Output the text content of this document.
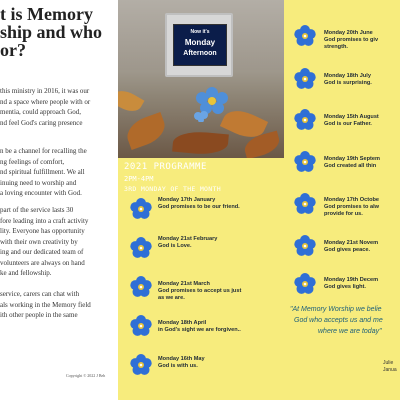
t is Memory
ship and who
or?

this ministry in 2016, it was our
nd a space where people with or
mentia, could approach God,
nd feel God's caring presence

n be a channel for recalling the
ng feelings of comfort,
nd spiritual fulfillment. We all
inuing need to worship and
a loving encounter with God.

part of the service lasts 30
fore leading into a craft activity
lity. Everyone has opportunity
with their own creativity by
ing and our dedicated team of
volunteers are always on hand
ke and fellowship.

service, carers can chat with
als working in the Memory field
ith other people in the same

Copyright © 2022 J Beh
Now it's
Monday
Afternoon
2021 PROGRAMME
2PM-4PM
3RD MONDAY OF THE MONTH
Monday 17th January
God promises to be our friend.
Monday 21st February
God is Love.
Monday 21st March
God promises to accept us just
as we are.
Monday 18th April
in God's sight we are forgiven..
Monday 16th May
God is with us.
Monday 20th June
God promises to giv
strength.
Monday 18th July
God is surprising.
Monday 15th August
God is our Father.
Monday 19th Septem
God created all thin
Monday 17th Octobe
God promises to alw
provide for us.
Monday 21st Novem
God gives peace.
Monday 19th Decem
God gives light.
"At Memory Worship we belie
God who accepts us and me
where we are today"
Julie
Janua
